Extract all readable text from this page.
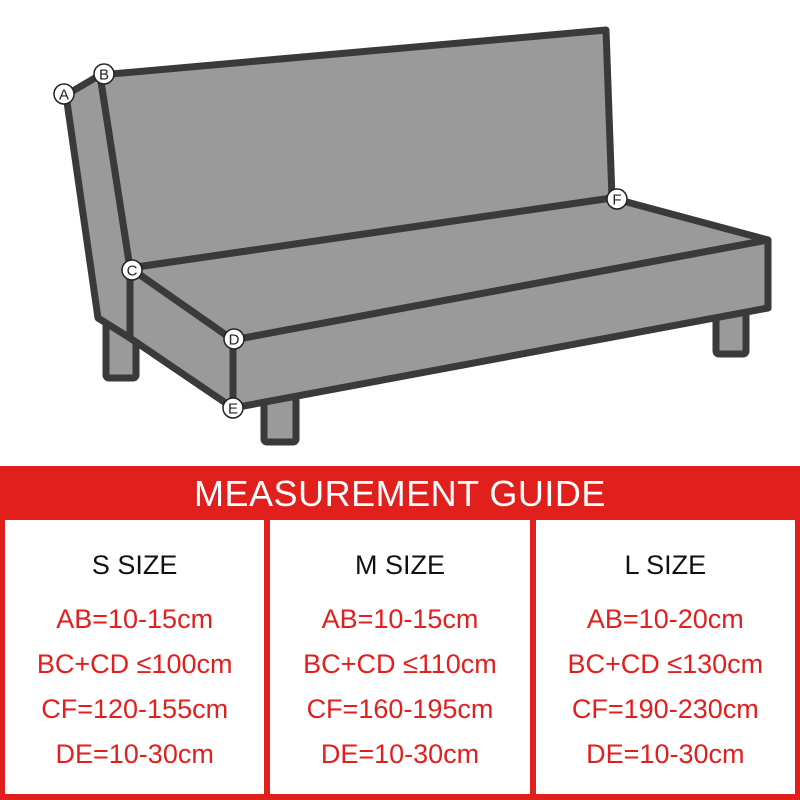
A
B
C
D
E
F
MEASUREMENT GUIDE
S SIZE
AB=10-15cm
BC+CD ≤100cm
CF=120-155cm
DE=10-30cm
M SIZE
AB=10-15cm
BC+CD ≤110cm
CF=160-195cm
DE=10-30cm
L SIZE
AB=10-20cm
BC+CD ≤130cm
CF=190-230cm
DE=10-30cm
